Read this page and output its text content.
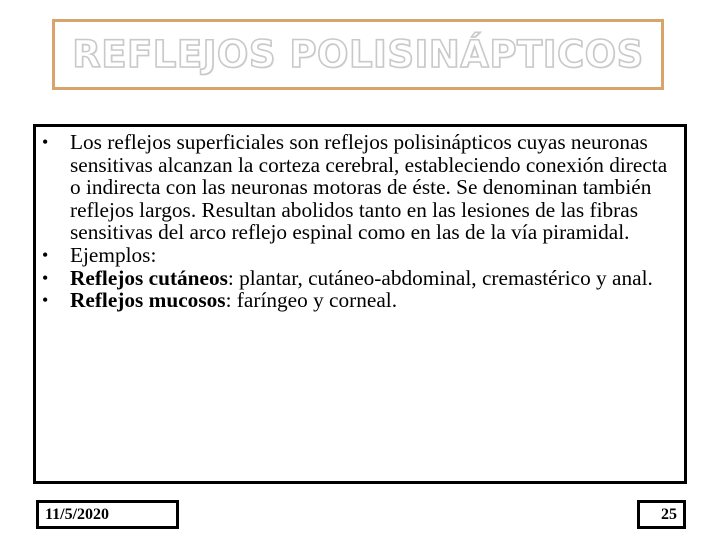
REFLEJOS POLISINÁPTICOS
• Los reflejos superficiales son reflejos polisinápticos cuyas neuronas sensitivas alcanzan la corteza cerebral, estableciendo conexión directa o indirecta con las neuronas motoras de éste. Se denominan también reflejos largos. Resultan abolidos tanto en las lesiones de las fibras sensitivas del arco reflejo espinal como en las de la vía piramidal.
• Ejemplos:
• Reflejos cutáneos: plantar, cutáneo-abdominal, cremastérico y anal.
• Reflejos mucosos: faríngeo y corneal.
11/5/2020	25
